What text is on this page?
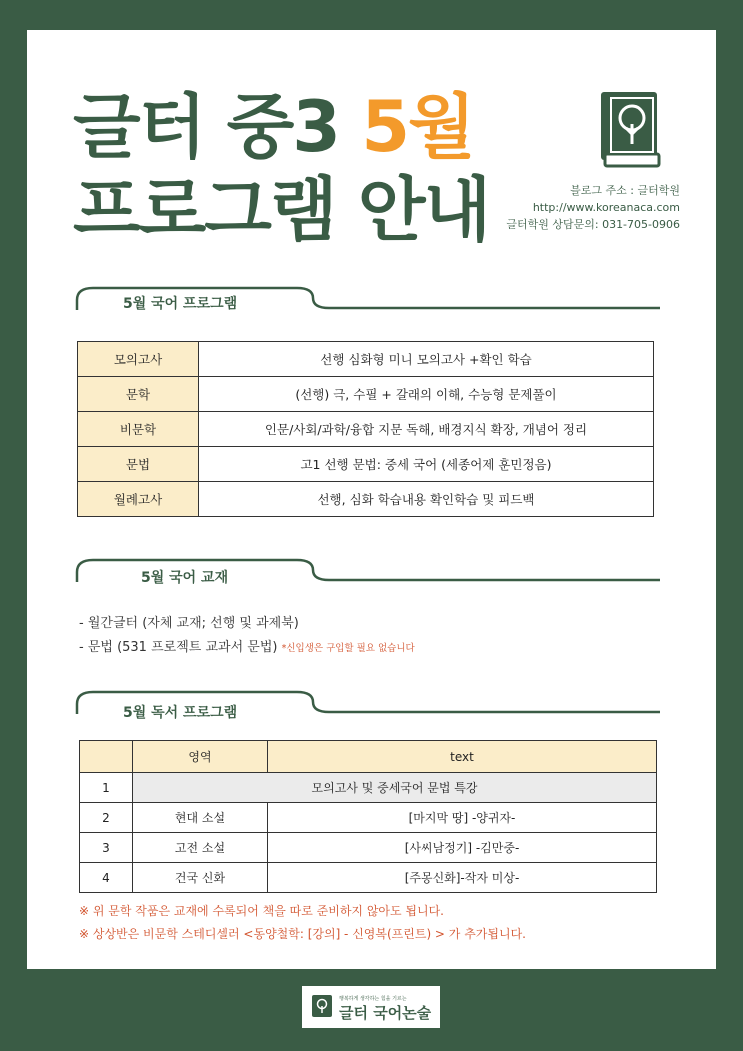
글터 중3 5월
프로그램 안내	블로그 주소 : 글터학원
http://www.koreanaca.com
글터학원 상담문의: 031-705-0906
5월 국어 프로그램
모의고사	선행 심화형 미니 모의고사 +확인 학습
문학	(선행) 극, 수필 + 갈래의 이해, 수능형 문제풀이
비문학	인문/사회/과학/융합 지문 독해, 배경지식 확장, 개념어 정리
문법	고1 선행 문법: 중세 국어 (세종어제 훈민정음)
월례고사	선행, 심화 학습내용 확인학습 및 피드백
5월 국어 교재
- 월간글터 (자체 교재; 선행 및 과제북)
- 문법 (531 프로젝트 교과서 문법) *신입생은 구입할 필요 없습니다
5월 독서 프로그램
	영역	text
1	모의고사 및 중세국어 문법 특강	
2	현대 소설	[마지막 땅] -양귀자-
3	고전 소설	[사씨남정기] -김만중-
4	건국 신화	[주몽신화]-작자 미상-
※ 위 문학 작품은 교재에 수록되어 책을 따로 준비하지 않아도 됩니다.
※ 상상반은 비문학 스테디셀러 <동양철학: [강의] - 신영복(프린트) > 가 추가됩니다.
행복하게 생각하는 힘을 기르는
글터 국어논술
